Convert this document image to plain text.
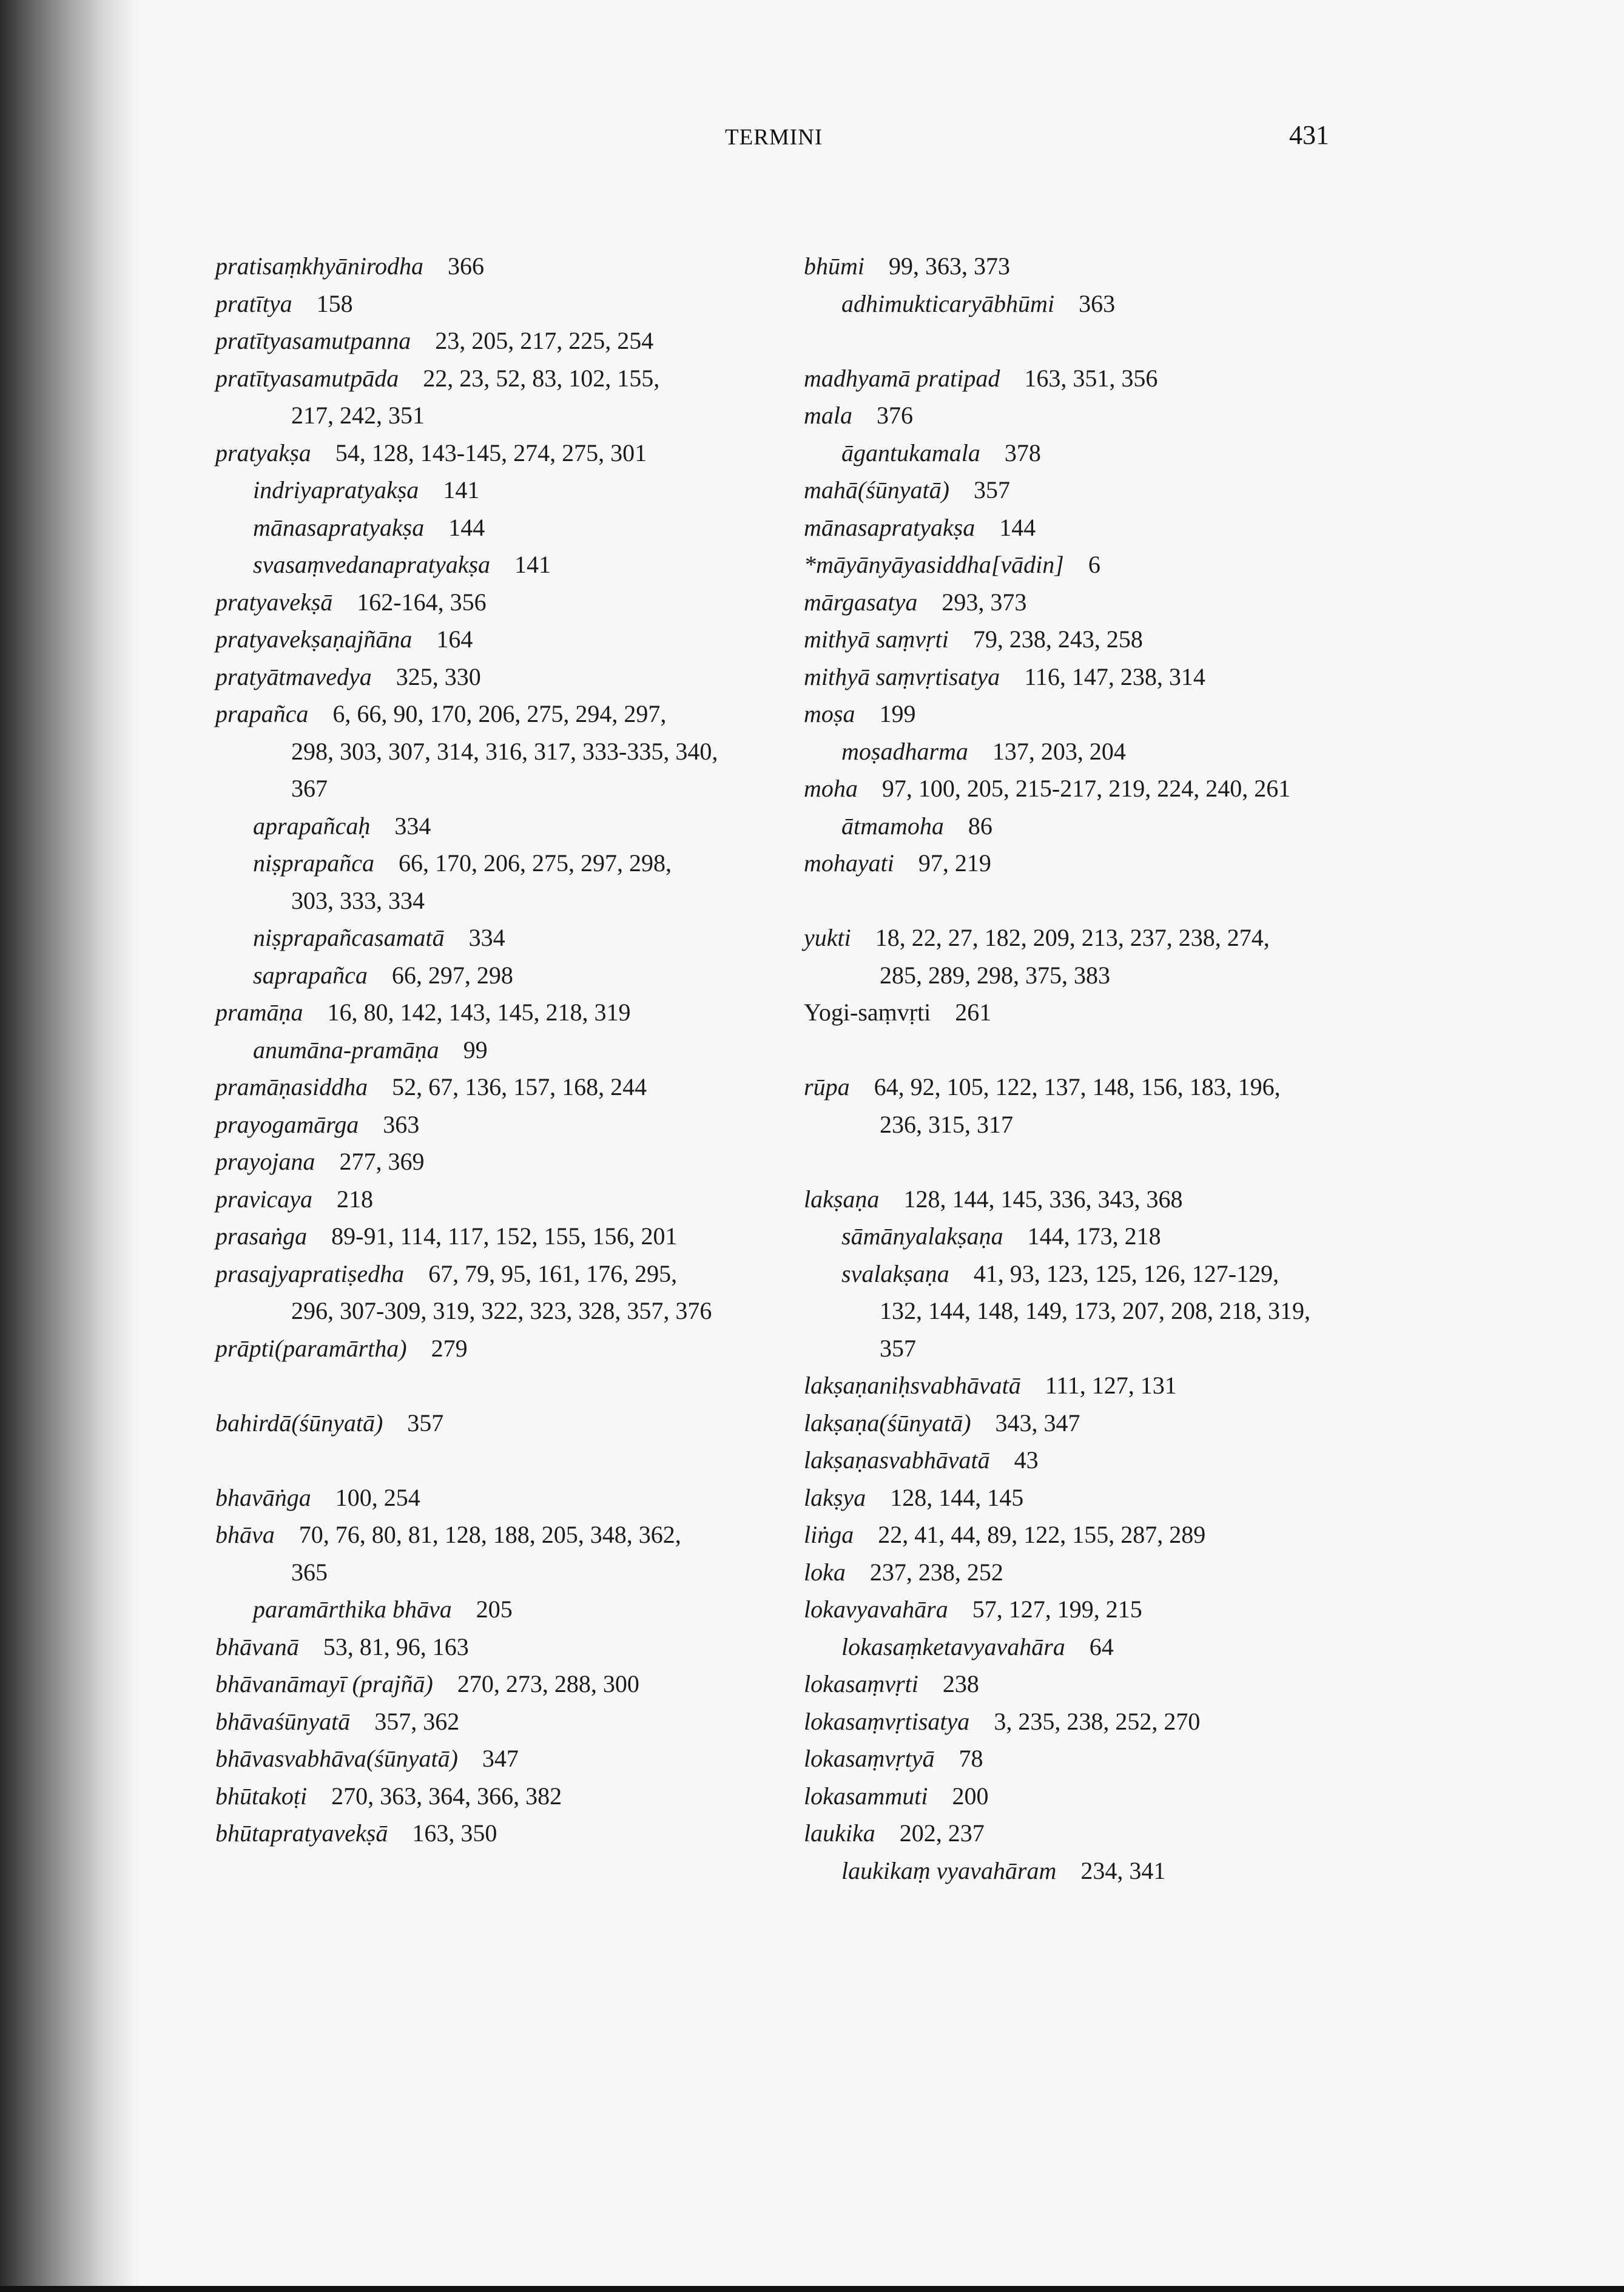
TERMINI	431
pratisaṃkhyānirodha 366
pratītya 158
pratītyasamutpanna 23, 205, 217, 225, 254
pratītyasamutpāda 22, 23, 52, 83, 102, 155,
217, 242, 351
pratyakṣa 54, 128, 143-145, 274, 275, 301
indriyapratyakṣa 141
mānasapratyakṣa 144
svasaṃvedanapratyakṣa 141
pratyavekṣā 162-164, 356
pratyavekṣaṇajñāna 164
pratyātmavedya 325, 330
prapañca 6, 66, 90, 170, 206, 275, 294, 297,
298, 303, 307, 314, 316, 317, 333-335, 340,
367
aprapañcaḥ 334
niṣprapañca 66, 170, 206, 275, 297, 298,
303, 333, 334
niṣprapañcasamatā 334
saprapañca 66, 297, 298
pramāṇa 16, 80, 142, 143, 145, 218, 319
anumāna-pramāṇa 99
pramāṇasiddha 52, 67, 136, 157, 168, 244
prayogamārga 363
prayojana 277, 369
pravicaya 218
prasaṅga 89-91, 114, 117, 152, 155, 156, 201
prasajyapratiṣedha 67, 79, 95, 161, 176, 295,
296, 307-309, 319, 322, 323, 328, 357, 376
prāpti(paramārtha) 279
bahirdā(śūnyatā) 357
bhavāṅga 100, 254
bhāva 70, 76, 80, 81, 128, 188, 205, 348, 362,
365
paramārthika bhāva 205
bhāvanā 53, 81, 96, 163
bhāvanāmayī (prajñā) 270, 273, 288, 300
bhāvaśūnyatā 357, 362
bhāvasvabhāva(śūnyatā) 347
bhūtakoṭi 270, 363, 364, 366, 382
bhūtapratyavekṣā 163, 350
bhūmi 99, 363, 373
adhimukticaryābhūmi 363
madhyamā pratipad 163, 351, 356
mala 376
āgantukamala 378
mahā(śūnyatā) 357
mānasapratyakṣa 144
*māyānyāyasiddha[vādin] 6
mārgasatya 293, 373
mithyā saṃvṛti 79, 238, 243, 258
mithyā saṃvṛtisatya 116, 147, 238, 314
moṣa 199
moṣadharma 137, 203, 204
moha 97, 100, 205, 215-217, 219, 224, 240, 261
ātmamoha 86
mohayati 97, 219
yukti 18, 22, 27, 182, 209, 213, 237, 238, 274,
285, 289, 298, 375, 383
Yogi-saṃvṛti 261
rūpa 64, 92, 105, 122, 137, 148, 156, 183, 196,
236, 315, 317
lakṣaṇa 128, 144, 145, 336, 343, 368
sāmānyalakṣaṇa 144, 173, 218
svalakṣaṇa 41, 93, 123, 125, 126, 127-129,
132, 144, 148, 149, 173, 207, 208, 218, 319,
357
lakṣaṇaniḥsvabhāvatā 111, 127, 131
lakṣaṇa(śūnyatā) 343, 347
lakṣaṇasvabhāvatā 43
lakṣya 128, 144, 145
liṅga 22, 41, 44, 89, 122, 155, 287, 289
loka 237, 238, 252
lokavyavahāra 57, 127, 199, 215
lokasaṃketavyavahāra 64
lokasaṃvṛti 238
lokasaṃvṛtisatya 3, 235, 238, 252, 270
lokasaṃvṛtyā 78
lokasammuti 200
laukika 202, 237
laukikaṃ vyavahāram 234, 341
